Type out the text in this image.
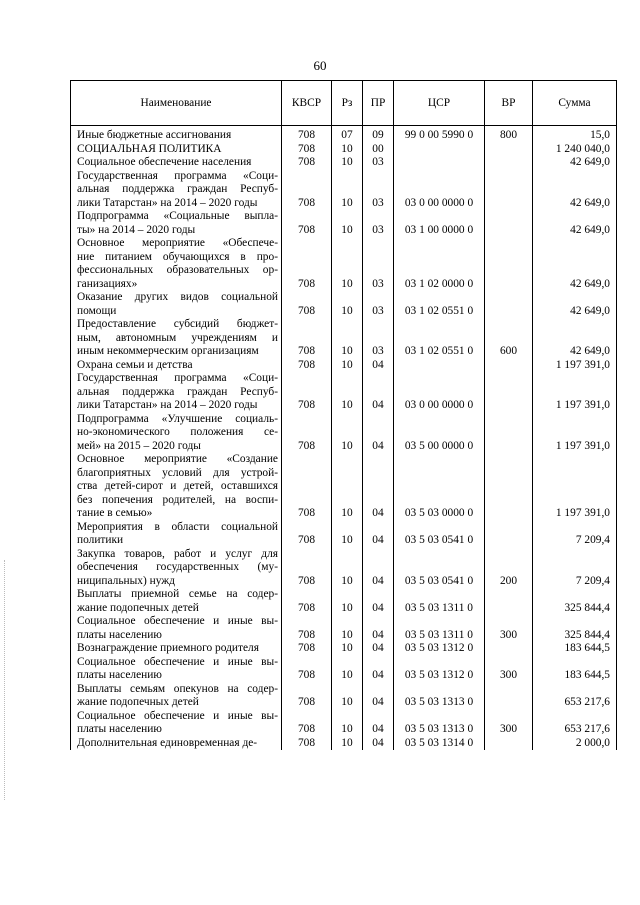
60
Наименование	КВСР	Рз	ПР	ЦСР	ВР	Сумма

Иные бюджетные ассигнования	708	07	09	99 0 00 5990 0	800	15,0

СОЦИАЛЬНАЯ ПОЛИТИКА	708	10	00			1 240 040,0

Социальное обеспечение населения	708	10	03			42 649,0

Государственная программа «Соци-
альная поддержка граждан Респуб-
лики Татарстан» на 2014 – 2020 годы	708	10	03	03 0 00 0000 0		42 649,0

Подпрограмма «Социальные выпла-
ты» на 2014 – 2020 годы	708	10	03	03 1 00 0000 0		42 649,0

Основное мероприятие «Обеспече-
ние питанием обучающихся в про-
фессиональных образовательных ор-
ганизациях»	708	10	03	03 1 02 0000 0		42 649,0

Оказание других видов социальной
помощи	708	10	03	03 1 02 0551 0		42 649,0

Предоставление субсидий бюджет-
ным, автономным учреждениям и
иным некоммерческим организациям	708	10	03	03 1 02 0551 0	600	42 649,0

Охрана семьи и детства	708	10	04			1 197 391,0

Государственная программа «Соци-
альная поддержка граждан Респуб-
лики Татарстан» на 2014 – 2020 годы	708	10	04	03 0 00 0000 0		1 197 391,0

Подпрограмма «Улучшение социаль-
но-экономического положения се-
мей» на 2015 – 2020 годы	708	10	04	03 5 00 0000 0		1 197 391,0

Основное мероприятие «Создание
благоприятных условий для устрой-
ства детей-сирот и детей, оставшихся
без попечения родителей, на воспи-
тание в семью»	708	10	04	03 5 03 0000 0		1 197 391,0

Мероприятия в области социальной
политики	708	10	04	03 5 03 0541 0		7 209,4

Закупка товаров, работ и услуг для
обеспечения государственных (му-
ниципальных) нужд	708	10	04	03 5 03 0541 0	200	7 209,4

Выплаты приемной семье на содер-
жание подопечных детей	708	10	04	03 5 03 1311 0		325 844,4

Социальное обеспечение и иные вы-
платы населению	708	10	04	03 5 03 1311 0	300	325 844,4

Вознаграждение приемного родителя	708	10	04	03 5 03 1312 0		183 644,5

Социальное обеспечение и иные вы-
платы населению	708	10	04	03 5 03 1312 0	300	183 644,5

Выплаты семьям опекунов на содер-
жание подопечных детей	708	10	04	03 5 03 1313 0		653 217,6

Социальное обеспечение и иные вы-
платы населению	708	10	04	03 5 03 1313 0	300	653 217,6

Дополнительная единовременная де-	708	10	04	03 5 03 1314 0		2 000,0
